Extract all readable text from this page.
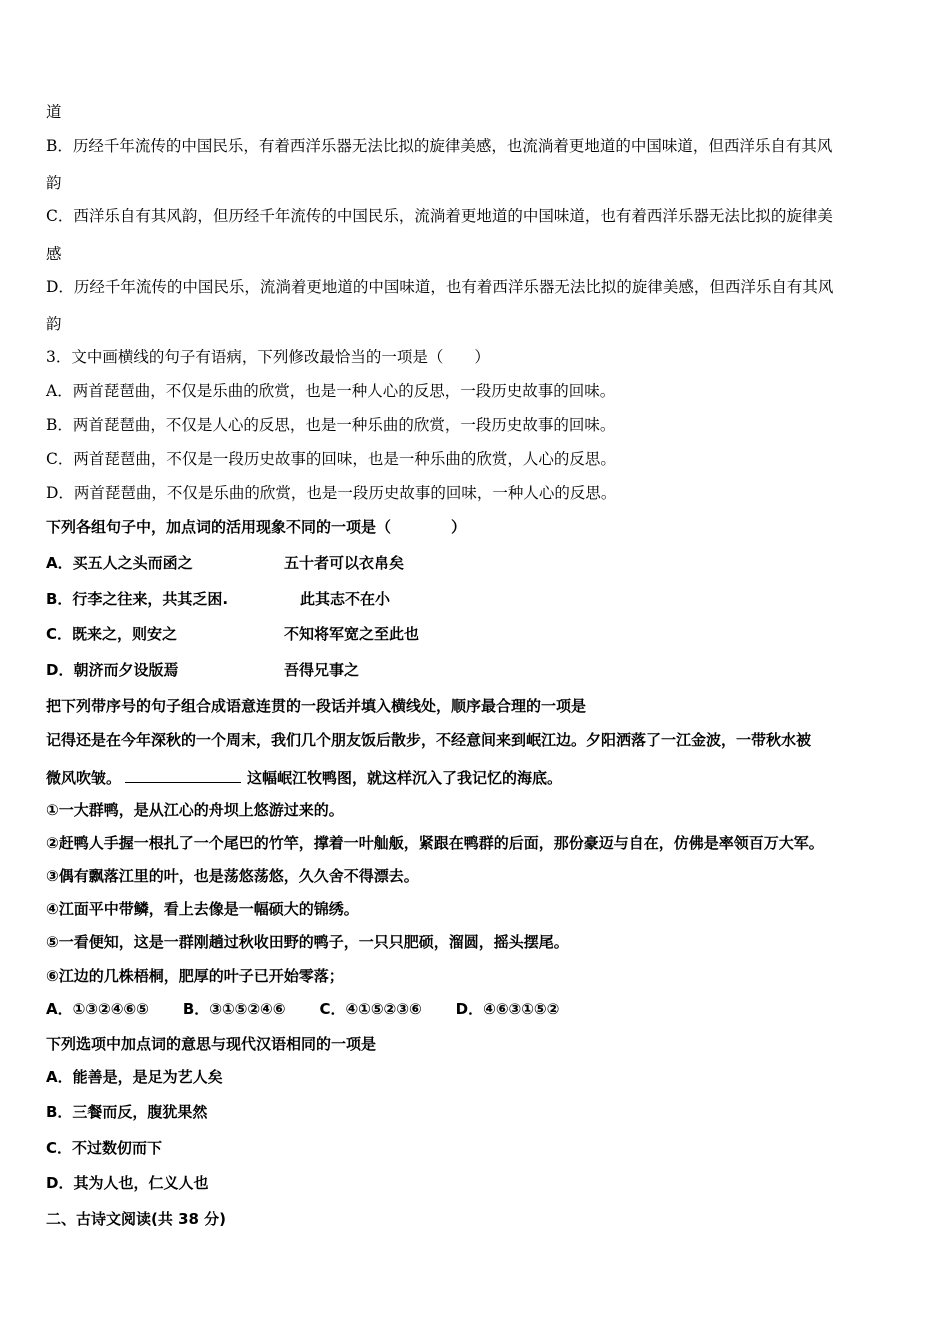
道
B．历经千年流传的中国民乐，有着西洋乐器无法比拟的旋律美感，也流淌着更地道的中国味道，但西洋乐自有其风
韵
C．西洋乐自有其风韵，但历经千年流传的中国民乐，流淌着更地道的中国味道，也有着西洋乐器无法比拟的旋律美
感
D．历经千年流传的中国民乐，流淌着更地道的中国味道，也有着西洋乐器无法比拟的旋律美感，但西洋乐自有其风
韵
3．文中画横线的句子有语病，下列修改最恰当的一项是（　　）
A．两首琵琶曲，不仅是乐曲的欣赏，也是一种人心的反思，一段历史故事的回味。
B．两首琵琶曲，不仅是人心的反思，也是一种乐曲的欣赏，一段历史故事的回味。
C．两首琵琶曲，不仅是一段历史故事的回味，也是一种乐曲的欣赏，人心的反思。
D．两首琵琶曲，不仅是乐曲的欣赏，也是一段历史故事的回味，一种人心的反思。
下列各组句子中，加点词的活用现象不同的一项是（　　　　）
A．买五人之头而函之	五十者可以衣帛矣
B．行李之往来，共其乏困.	此其志不在小
C．既来之，则安之	不知将军宽之至此也
D．朝济而夕设版焉	吾得兄事之
把下列带序号的句子组合成语意连贯的一段话并填入横线处，顺序最合理的一项是
记得还是在今年深秋的一个周末，我们几个朋友饭后散步，不经意间来到岷江边。夕阳洒落了一江金波，一带秋水被
微风吹皱。	这幅岷江牧鸭图，就这样沉入了我记忆的海底。
①一大群鸭，是从江心的舟坝上悠游过来的。
②赶鸭人手握一根扎了一个尾巴的竹竿，撑着一叶舢舨，紧跟在鸭群的后面，那份豪迈与自在，仿佛是率领百万大军。
③偶有飘落江里的叶，也是荡悠荡悠，久久舍不得漂去。
④江面平中带鳞，看上去像是一幅硕大的锦绣。
⑤一看便知，这是一群刚趟过秋收田野的鸭子，一只只肥硕，溜圆，摇头摆尾。
⑥江边的几株梧桐，肥厚的叶子已开始零落；
A．①③②④⑥⑤ B．③①⑤②④⑥ C．④①⑤②③⑥ D．④⑥③①⑤②
下列选项中加点词的意思与现代汉语相同的一项是
A．能善是，是足为艺人矣
B．三餐而反，腹犹果然
C．不过数仞而下
D．其为人也，仁义人也
二、古诗文阅读(共 38 分)
